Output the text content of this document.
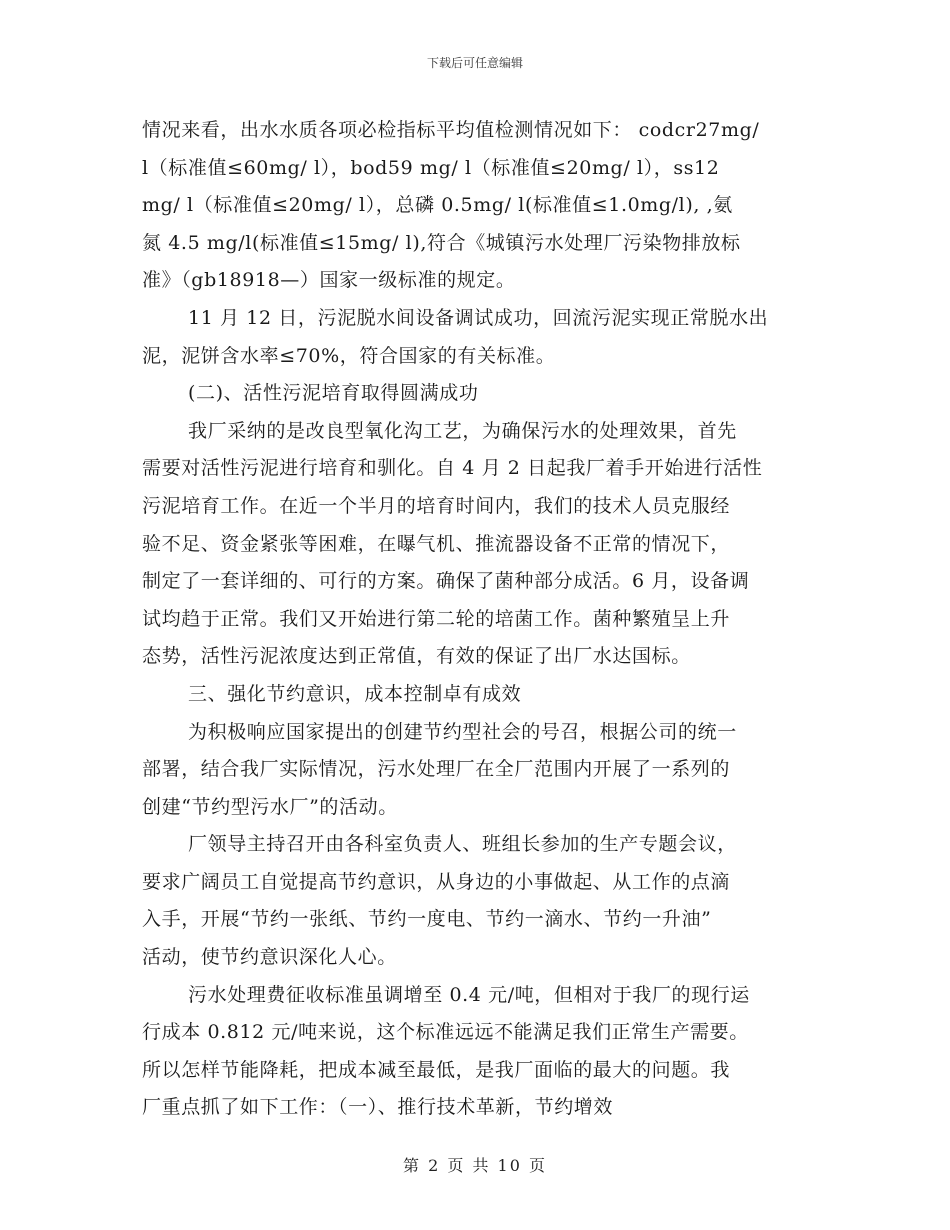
下载后可任意编辑
情况来看，出水水质各项必检指标平均值检测情况如下： codcr27mg/
l（标准值≤60mg/ l），bod59 mg/ l（标准值≤20mg/ l），ss12
mg/ l（标准值≤20mg/ l），总磷 0.5mg/ l(标准值≤1.0mg/l), ,氨
氮 4.5 mg/l(标准值≤15mg/ l),符合《城镇污水处理厂污染物排放标
准》（gb18918—）国家一级标准的规定。
11 月 12 日，污泥脱水间设备调试成功，回流污泥实现正常脱水出
泥，泥饼含水率≤70%，符合国家的有关标准。
(二)、活性污泥培育取得圆满成功
我厂采纳的是改良型氧化沟工艺，为确保污水的处理效果，首先
需要对活性污泥进行培育和驯化。自 4 月 2 日起我厂着手开始进行活性
污泥培育工作。在近一个半月的培育时间内，我们的技术人员克服经
验不足、资金紧张等困难，在曝气机、推流器设备不正常的情况下，
制定了一套详细的、可行的方案。确保了菌种部分成活。6 月，设备调
试均趋于正常。我们又开始进行第二轮的培菌工作。菌种繁殖呈上升
态势，活性污泥浓度达到正常值，有效的保证了出厂水达国标。
三、强化节约意识，成本控制卓有成效
为积极响应国家提出的创建节约型社会的号召，根据公司的统一
部署，结合我厂实际情况，污水处理厂在全厂范围内开展了一系列的
创建“节约型污水厂”的活动。
厂领导主持召开由各科室负责人、班组长参加的生产专题会议，
要求广阔员工自觉提高节约意识，从身边的小事做起、从工作的点滴
入手，开展“节约一张纸、节约一度电、节约一滴水、节约一升油”
活动，使节约意识深化人心。
污水处理费征收标准虽调增至 0.4 元/吨，但相对于我厂的现行运
行成本 0.812 元/吨来说，这个标准远远不能满足我们正常生产需要。
所以怎样节能降耗，把成本减至最低，是我厂面临的最大的问题。我
厂重点抓了如下工作：（一）、推行技术革新，节约增效
第 2 页 共 10 页
